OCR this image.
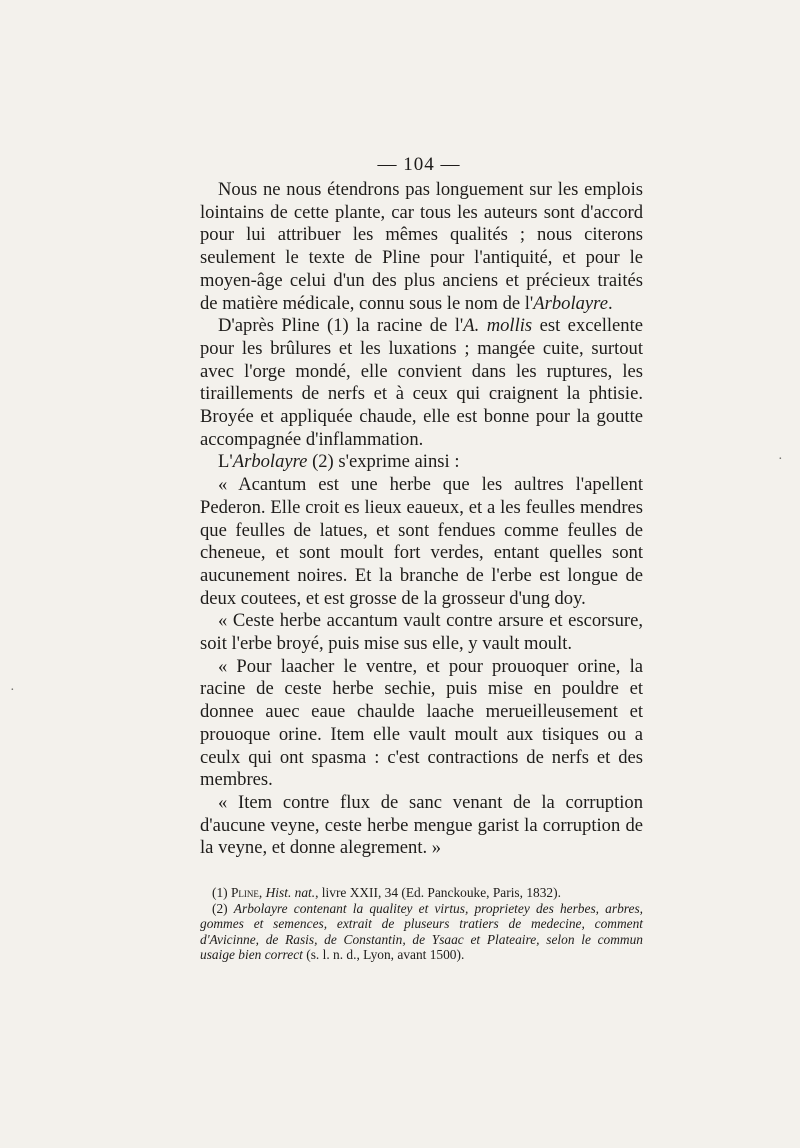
— 104 —

Nous ne nous étendrons pas longuement sur les emplois lointains de cette plante, car tous les auteurs sont d'accord pour lui attribuer les mêmes qualités ; nous citerons seulement le texte de Pline pour l'antiquité, et pour le moyen-âge celui d'un des plus anciens et précieux traités de matière médicale, connu sous le nom de l'Arbolayre.

D'après Pline (1) la racine de l'A. mollis est excellente pour les brûlures et les luxations ; mangée cuite, surtout avec l'orge mondé, elle convient dans les ruptures, les tiraillements de nerfs et à ceux qui craignent la phtisie. Broyée et appliquée chaude, elle est bonne pour la goutte accompagnée d'inflammation.

L'Arbolayre (2) s'exprime ainsi :

« Acantum est une herbe que les aultres l'apellent Pederon. Elle croit es lieux eaueux, et a les feulles mendres que feulles de latues, et sont fendues comme feulles de cheneue, et sont moult fort verdes, entant quelles sont aucunement noires. Et la branche de l'erbe est longue de deux coutees, et est grosse de la grosseur d'ung doy.

« Ceste herbe accantum vault contre arsure et escorsure, soit l'erbe broyé, puis mise sus elle, y vault moult.

« Pour laacher le ventre, et pour prouoquer orine, la racine de ceste herbe sechie, puis mise en pouldre et donnee auec eaue chaulde laache merueilleusement et prouoque orine. Item elle vault moult aux tisiques ou a ceulx qui ont spasma : c'est contractions de nerfs et des membres.

« Item contre flux de sanc venant de la corruption d'aucune veyne, ceste herbe mengue garist la corruption de la veyne, et donne alegrement. »

(1) Pline, Hist. nat., livre XXII, 34 (Ed. Panckouke, Paris, 1832).

(2) Arbolayre contenant la qualitey et virtus, proprietey des herbes, arbres, gommes et semences, extrait de pluseurs tratiers de medecine, comment d'Avicinne, de Rasis, de Constantin, de Ysaac et Plateaire, selon le commun usaige bien correct (s. l. n. d., Lyon, avant 1500).

·
·
